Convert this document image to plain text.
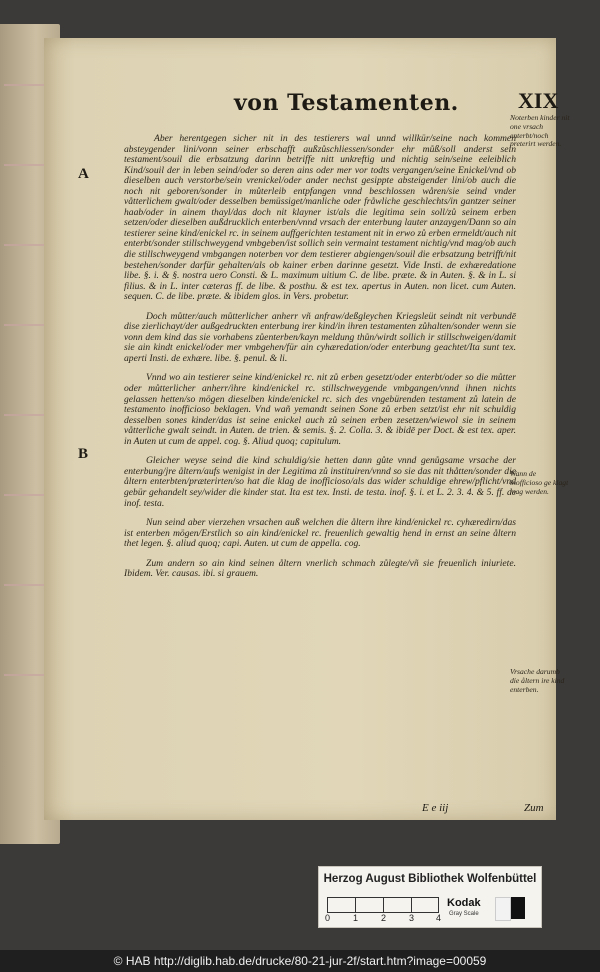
von Testamenten.	XIX
A
B
Noterben kinder nit one vrsach enterbt/noch preterirt werden.
Wann de inofficioso ge klagt mag werden.
Vrsache darumb die åltern ire kind enterben.

Aber herentgegen sicher nit in des testierers wal unnd willkür/seine nach kommen absteygender lini/vonn seiner erbschafft außzůschliessen/sonder ehr můß/soll anderst sein testament/souil die erbsatzung darinn betriffe nitt unkreftig und nichtig sein/seine eeleiblich Kind/souil der in leben seind/oder so deren ains oder mer vor todts vergangen/seine Enickel/vnd ob dieselben auch verstorbe/sein vrenickel/oder ander nechst gesippte absteigender lini/ob auch die noch nit geboren/sonder in můterleib entpfangen vnnd beschlossen wåren/sie seind vnder våtterlichem gwalt/oder desselben bemüssiget/manliche oder fråwliche geschlechts/in gantzer seiner haab/oder in ainem thayl/das doch nit klayner ist/als die legitima sein soll/zů seinem erben setzen/oder dieselben außdrucklich enterben/vnnd vrsach der enterbung lauter anzaygen/Dann so ain testierer seine kind/enickel rc. in seinem auffgerichten testament nit in erwo zů erben ermeldt/auch nit enterbt/sonder stillschweygend vmbgeben/ist sollich sein vermaint testament nichtig/vnd mag/ob auch die stillschweygend vmbgangen noterben vor dem testierer abgiengen/souil die erbsatzung betrifft/nit bestehen/sonder darfür gehalten/als ob kainer erben darinne gesetzt. Vide Insti. de exhæredatione libe. §. i. & §. nostra uero Consti. & L. maximum uitium C. de libe. præte. & in Auten. §. & in L. si filius. & in L. inter cæteras ff. de libe. & posthu. & est tex. apertus in Auten. non licet. cum Auten. sequen. C. de libe. præte. & ibidem glos. in Vers. probetur.

Doch můtter/auch můtterlicher anherr vñ anfraw/deßgleychen Kriegsleüt seindt nit verbundē dise zierlichayt/der außgedruckten enterbung irer kind/in ihren testamenten zůhalten/sonder wenn sie vonn dem kind das sie vorhabens zůenterben/kayn meldung thůn/wirdt sollich ir stillschweigen/damit sie ain kindt enickel/oder mer vmbgehen/für ain cyhæredation/oder enterbung geachtet/Ita sunt tex. aperti Insti. de exhære. libe. §. penul. & li.

Vnnd wo ain testierer seine kind/enickel rc. nit zů erben gesetzt/oder enterbt/oder so die můtter oder můtterlicher anherr/ihre kind/enickel rc. stillschweygende vmbgangen/vnnd ihnen nichts gelassen hetten/so mögen dieselben kinde/enickel rc. sich des vngebürenden testament zů latein de testamento inofficioso beklagen. Vnd wañ yemandt seinen Sone zů erben setzt/ist ehr nit schuldig desselben sones kinder/das ist seine enickel auch zů seinen erben zesetzen/wiewol sie in seinem våtterliche gwalt seindt. in Auten. de trien. & semis. §. 2. Colla. 3. & ibidē per Doct. & est tex. aper. in Auten ut cum de appel. cog. §. Aliud quoq; capitulum.

Gleicher weyse seind die kind schuldig/sie hetten dann gůte vnnd genůgsame vrsache der enterbung/jre åltern/aufs wenigist in der Legitima zů instituiren/vnnd so sie das nit thåtten/sonder die åltern enterbten/præterirten/so hat die klag de inofficioso/als das wider schuldige ehrew/pflicht/vnd gebür gehandelt sey/wider die kinder stat. Ita est tex. Insti. de testa. inof. §. i. et L. 2. 3. 4. & 5. ff. de inof. testa.

Nun seind aber vierzehen vrsachen auß welchen die åltern ihre kind/enickel rc. cyhæredirn/das ist enterben mögen/Erstlich so ain kind/enickel rc. freuenlich gewaltig hend in ernst an seine åltern thet legen. §. aliud quoq; capi. Auten. ut cum de appella. cog.

Zum andern so ain kind seinen åltern vnerlich schmach zůlegte/vñ sie freuenlich iniuriete. Ibidem. Ver. causas. ibi. si grauem.

E e iij	Zum
Herzog August Bibliothek Wolfenbüttel
0	1	2	3 4
Kodak
Gray Scale
© HAB http://diglib.hab.de/drucke/80-21-jur-2f/start.htm?image=00059
